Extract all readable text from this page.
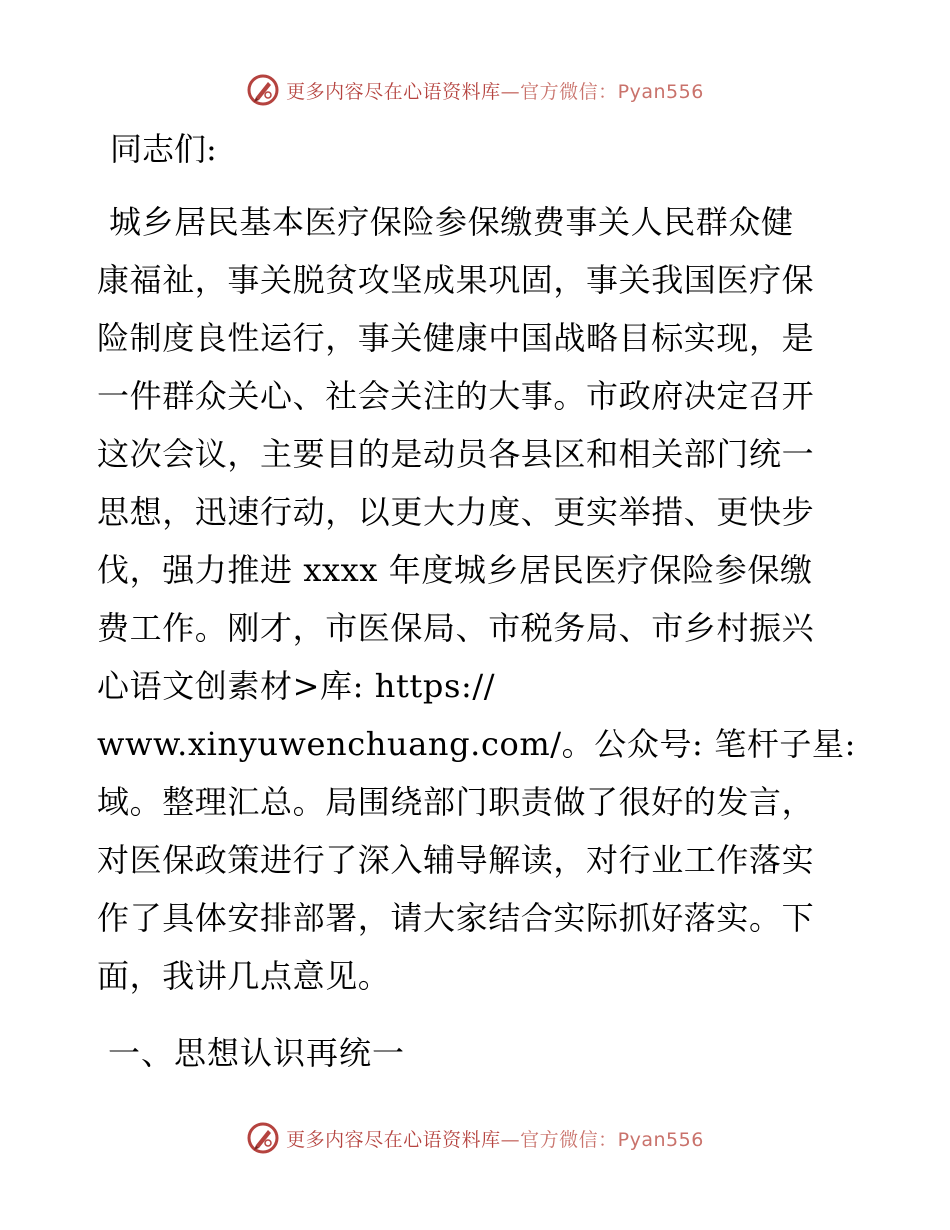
更多内容尽在心语资料库—官方微信：Pyan556
同志们:
城乡居民基本医疗保险参保缴费事关人民群众健
康福祉，事关脱贫攻坚成果巩固，事关我国医疗保
险制度良性运行，事关健康中国战略目标实现，是
一件群众关心、社会关注的大事。市政府决定召开
这次会议，主要目的是动员各县区和相关部门统一
思想，迅速行动，以更大力度、更实举措、更快步
伐，强力推进 xxxx 年度城乡居民医疗保险参保缴
费工作。刚才，市医保局、市税务局、市乡村振兴
心语文创素材>库: https://
www.xinyuwenchuang.com/。公众号: 笔杆子星:
域。整理汇总。局围绕部门职责做了很好的发言，
对医保政策进行了深入辅导解读，对行业工作落实
作了具体安排部署，请大家结合实际抓好落实。下
面，我讲几点意见。
一、思想认识再统一
更多内容尽在心语资料库—官方微信：Pyan556
